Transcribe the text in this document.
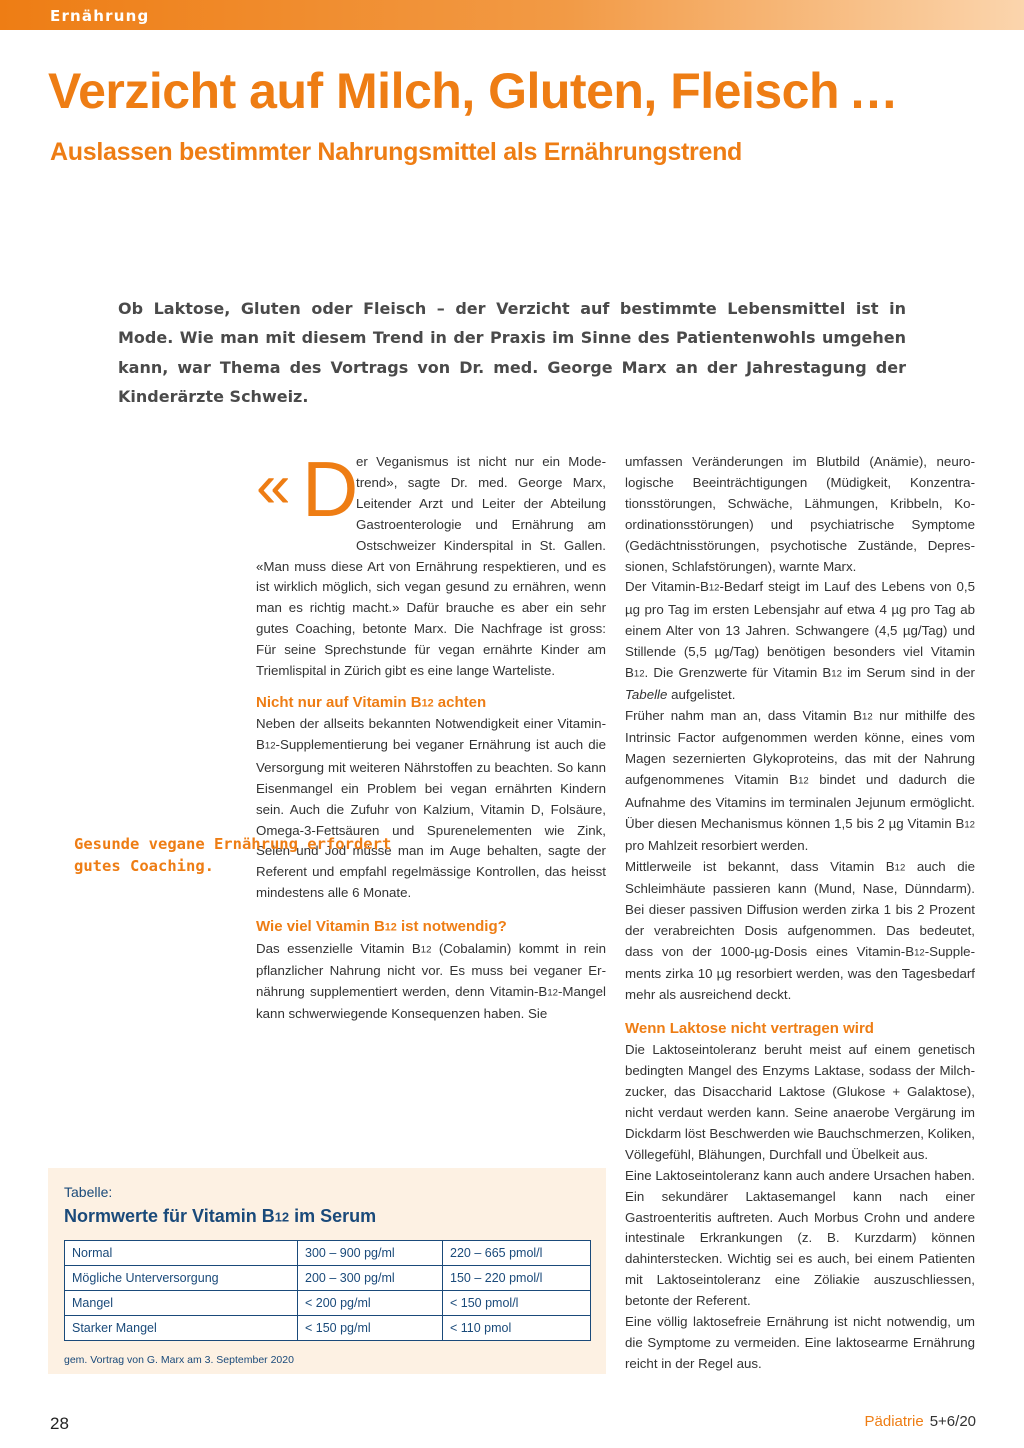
Ernährung
Verzicht auf Milch, Gluten, Fleisch …
Auslassen bestimmter Nahrungsmittel als Ernährungstrend

Ob Laktose, Gluten oder Fleisch – der Verzicht auf bestimmte Lebensmittel ist in Mode. Wie man mit diesem Trend in der Praxis im Sinne des Patientenwohls umgehen kann, war Thema des Vortrags von Dr. med. George Marx an der Jahrestagung der Kinderärzte Schweiz.

« D

er Veganismus ist nicht nur ein Modetrend», sagte Dr. med. George Marx, Leitender Arzt und Leiter der Abteilung Gastroenterologie und Ernährung am Ostschweizer Kinderspital in St. Gallen. «Man muss diese Art von Ernährung respektieren, und es ist wirklich möglich, sich vegan gesund zu ernähren, wenn man es richtig macht.» Dafür brauche es aber ein sehr gutes Coaching, betonte Marx. Die Nachfrage ist gross: Für seine Sprechstunde für vegan ernährte Kinder am Triemlispital in Zürich gibt es eine lange Warteliste.

Nicht nur auf Vitamin B12 achten

Neben der allseits bekannten Notwendigkeit einer Vitamin-B12-Supplementierung bei veganer Ernährung ist auch die Versorgung mit weiteren Nährstoffen zu beachten. So kann Eisenmangel ein Problem bei vegan ernährten Kindern sein. Auch die Zufuhr von Kalzium, Vitamin D, Folsäure, Omega-3-Fettsäuren und Spurenelementen wie Zink, Selen und Jod müsse man im Auge behalten, sagte der Referent und empfahl regelmässige Kontrollen, das heisst mindestens alle 6 Monate.

Wie viel Vitamin B12 ist notwendig?

Das essenzielle Vitamin B12 (Cobalamin) kommt in rein pflanzlicher Nahrung nicht vor. Es muss bei veganer Ernährung supplementiert werden, denn Vitamin-B12-Mangel kann schwerwiegende Konsequenzen haben. Sie

Gesunde vegane Ernährung erfordert gutes Coaching.

umfassen Veränderungen im Blutbild (Anämie), neurologische Beeinträchtigungen (Müdigkeit, Konzentrationsstörungen, Schwäche, Lähmungen, Kribbeln, Koordinationsstörungen) und psychiatrische Symptome (Gedächtnisstörungen, psychotische Zustände, Depressionen, Schlafstörungen), warnte Marx.

Der Vitamin-B12-Bedarf steigt im Lauf des Lebens von 0,5 µg pro Tag im ersten Lebensjahr auf etwa 4 µg pro Tag ab einem Alter von 13 Jahren. Schwangere (4,5 µg/Tag) und Stillende (5,5 µg/Tag) benötigen besonders viel Vitamin B12. Die Grenzwerte für Vitamin B12 im Serum sind in der Tabelle aufgelistet.

Früher nahm man an, dass Vitamin B12 nur mithilfe des Intrinsic Factor aufgenommen werden könne, eines vom Magen sezernierten Glykoproteins, das mit der Nahrung aufgenommenes Vitamin B12 bindet und dadurch die Aufnahme des Vitamins im terminalen Jejunum ermöglicht. Über diesen Mechanismus können 1,5 bis 2 µg Vitamin B12 pro Mahlzeit resorbiert werden.

Mittlerweile ist bekannt, dass Vitamin B12 auch die Schleimhäute passieren kann (Mund, Nase, Dünndarm). Bei dieser passiven Diffusion werden zirka 1 bis 2 Prozent der verabreichten Dosis aufgenommen. Das bedeutet, dass von der 1000-µg-Dosis eines Vitamin-B12-Supplements zirka 10 µg resorbiert werden, was den Tagesbedarf mehr als ausreichend deckt.

Wenn Laktose nicht vertragen wird

Die Laktoseintoleranz beruht meist auf einem genetisch bedingten Mangel des Enzyms Laktase, sodass der Milchzucker, das Disaccharid Laktose (Glukose + Galaktose), nicht verdaut werden kann. Seine anaerobe Vergärung im Dickdarm löst Beschwerden wie Bauchschmerzen, Koliken, Völlegefühl, Blähungen, Durchfall und Übelkeit aus.

Eine Laktoseintoleranz kann auch andere Ursachen haben. Ein sekundärer Laktasemangel kann nach einer Gastroenteritis auftreten. Auch Morbus Crohn und andere intestinale Erkrankungen (z. B. Kurzdarm) können dahinterstecken. Wichtig sei es auch, bei einem Patienten mit Laktoseintoleranz eine Zöliakie auszuschliessen, betonte der Referent.

Eine völlig laktosefreie Ernährung ist nicht notwendig, um die Symptome zu vermeiden. Eine laktosearme Ernährung reicht in der Regel aus.

Tabelle:
Normwerte für Vitamin B12 im Serum
Normal	300 – 900 pg/ml	220 – 665 pmol/l
Mögliche Unterversorgung	200 – 300 pg/ml	150 – 220 pmol/l
Mangel	< 200 pg/ml	< 150 pmol/l
Starker Mangel	< 150 pg/ml	< 110 pmol
gem. Vortrag von G. Marx am 3. September 2020
28	Pädiatrie 5+6/20
